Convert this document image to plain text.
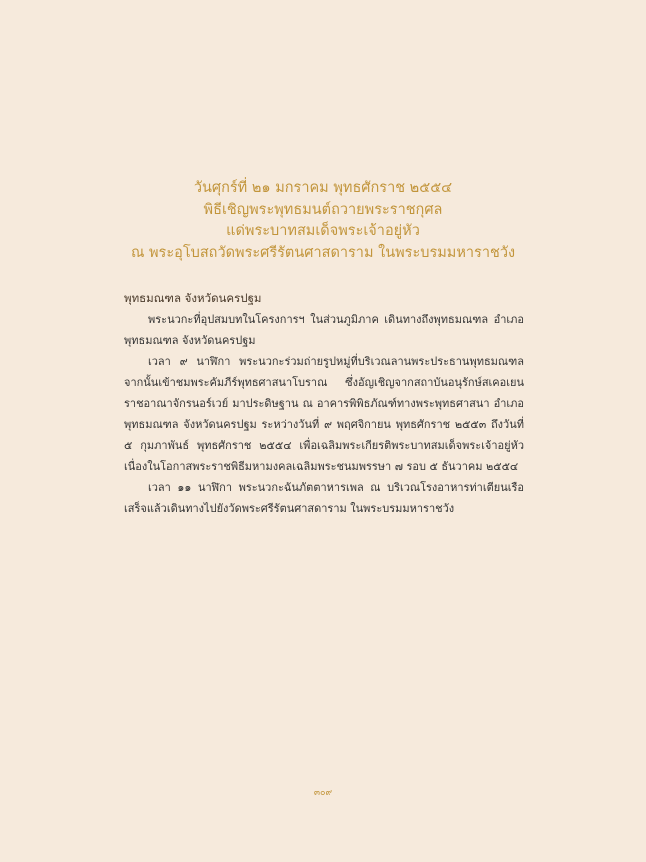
วันศุกร์ที่ ๒๑ มกราคม พุทธศักราช ๒๕๕๔
พิธีเชิญพระพุทธมนต์ถวายพระราชกุศล
แด่พระบาทสมเด็จพระเจ้าอยู่หัว
ณ พระอุโบสถวัดพระศรีรัตนศาสดาราม ในพระบรมมหาราชวัง
พุทธมณฑล จังหวัดนครปฐม

พระนวกะที่อุปสมบทในโครงการฯ ในส่วนภูมิภาค เดินทางถึงพุทธมณฑล อำเภอพุทธมณฑล จังหวัดนครปฐม

เวลา ๙ นาฬิกา พระนวกะร่วมถ่ายรูปหมู่ที่บริเวณลานพระประธานพุทธมณฑล จากนั้นเข้าชมพระคัมภีร์พุทธศาสนาโบราณ ซึ่งอัญเชิญจากสถาบันอนุรักษ์สเคอเยน ราชอาณาจักรนอร์เวย์ มาประดิษฐาน ณ อาคารพิพิธภัณฑ์ทางพระพุทธศาสนา อำเภอพุทธมณฑล จังหวัดนครปฐม ระหว่างวันที่ ๙ พฤศจิกายน พุทธศักราช ๒๕๕๓ ถึงวันที่ ๕ กุมภาพันธ์ พุทธศักราช ๒๕๕๔ เพื่อเฉลิมพระเกียรติพระบาทสมเด็จพระเจ้าอยู่หัว เนื่องในโอกาสพระราชพิธีมหามงคลเฉลิมพระชนมพรรษา ๗ รอบ ๕ ธันวาคม ๒๕๕๔

เวลา ๑๑ นาฬิกา พระนวกะฉันภัตตาหารเพล ณ บริเวณโรงอาหารท่าเตียนเรือ เสร็จแล้วเดินทางไปยังวัดพระศรีรัตนศาสดาราม ในพระบรมมหาราชวัง

๓๐๙
